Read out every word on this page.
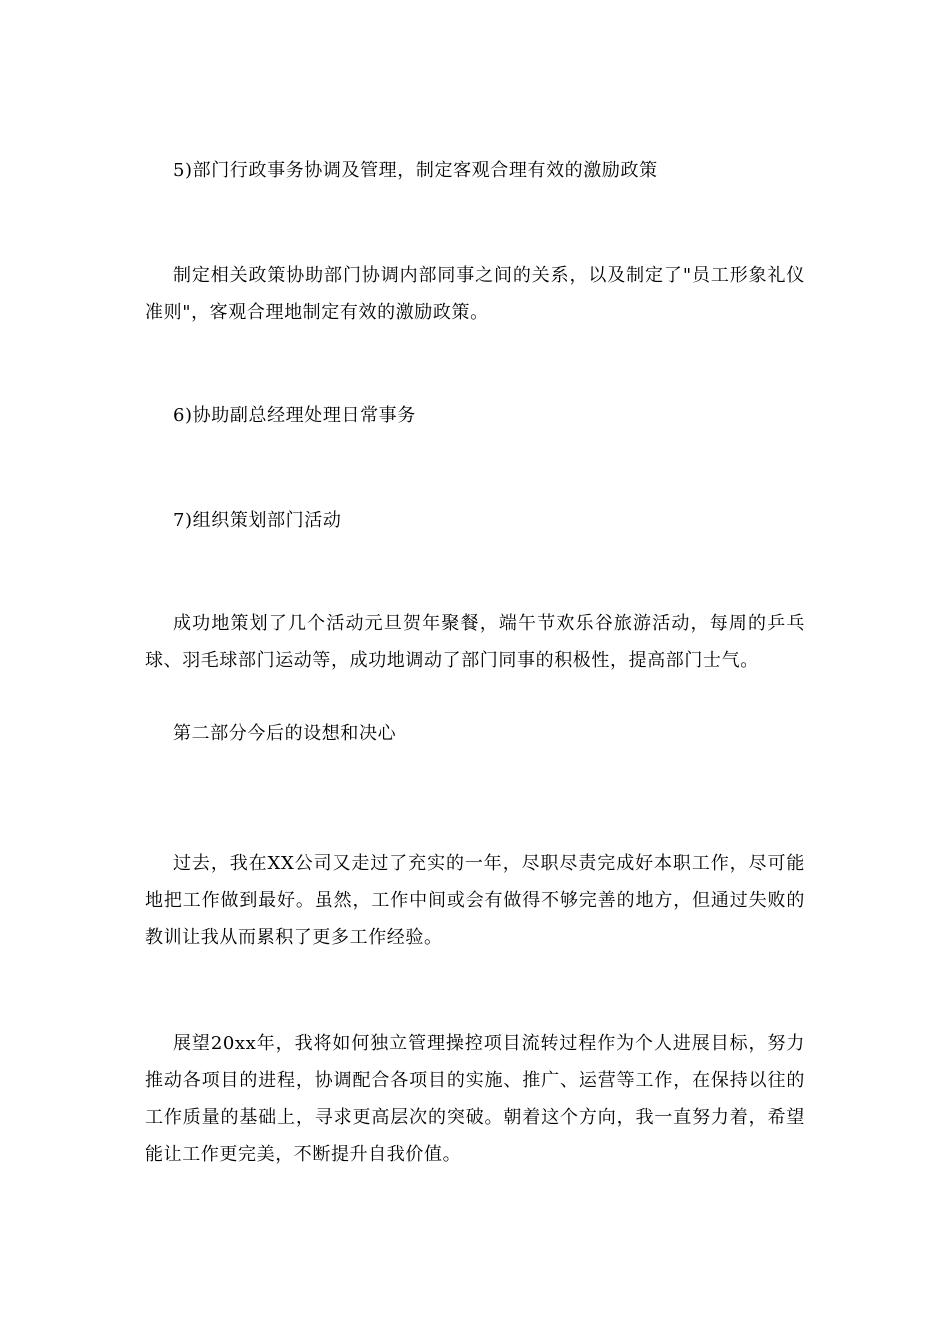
5)部门行政事务协调及管理，制定客观合理有效的激励政策

制定相关政策协助部门协调内部同事之间的关系，以及制定了"员工形象礼仪准则"，客观合理地制定有效的激励政策。

6)协助副总经理处理日常事务

7)组织策划部门活动

成功地策划了几个活动元旦贺年聚餐，端午节欢乐谷旅游活动，每周的乒乓球、羽毛球部门运动等，成功地调动了部门同事的积极性，提高部门士气。

第二部分今后的设想和决心

过去，我在XX公司又走过了充实的一年，尽职尽责完成好本职工作，尽可能地把工作做到最好。虽然，工作中间或会有做得不够完善的地方，但通过失败的教训让我从而累积了更多工作经验。

展望20xx年，我将如何独立管理操控项目流转过程作为个人进展目标，努力推动各项目的进程，协调配合各项目的实施、推广、运营等工作，在保持以往的工作质量的基础上，寻求更高层次的突破。朝着这个方向，我一直努力着，希望能让工作更完美，不断提升自我价值。
